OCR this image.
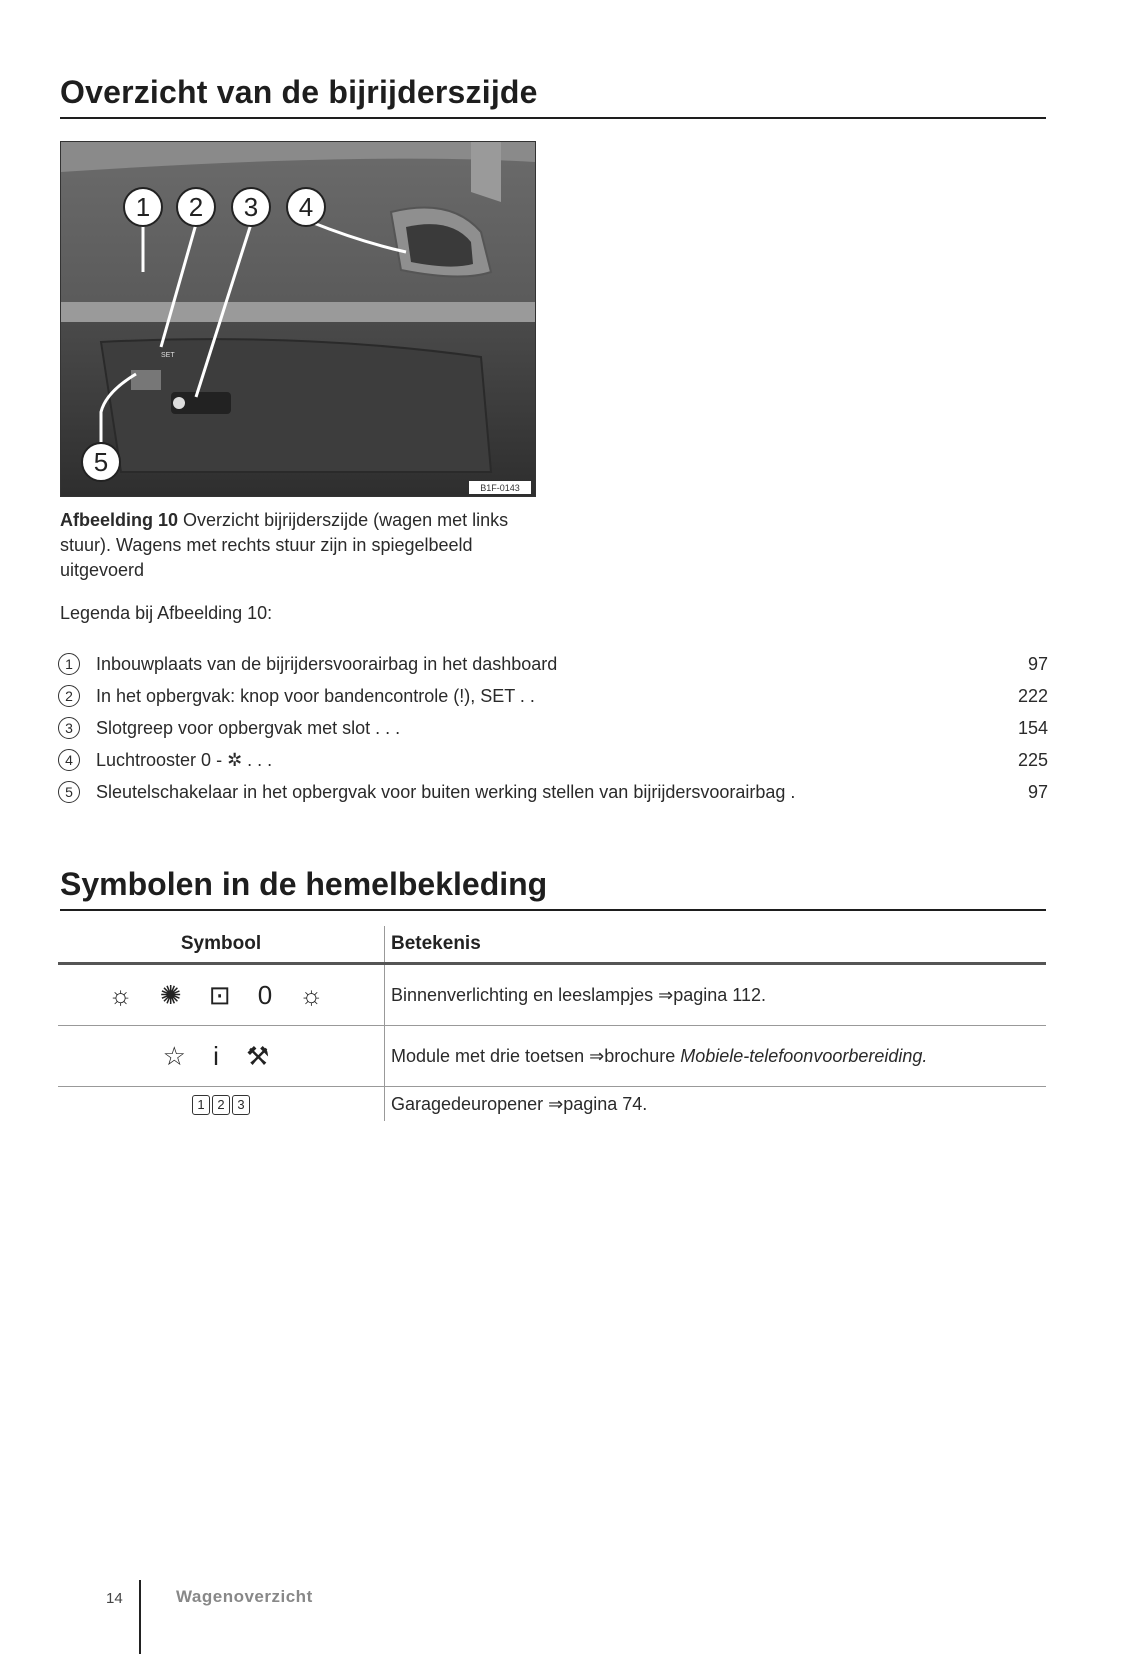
Overzicht van de bijrijderszijde
1 2 3 4
5
SET
B1F-0143
Afbeelding 10 Overzicht bijrijderszijde (wagen met links stuur). Wagens met rechts stuur zijn in spiegelbeeld uitgevoerd
Legenda bij Afbeelding 10:
1	Inbouwplaats van de bijrijdersvoorairbag in het dashboard	97
2	In het opbergvak: knop voor bandencontrole (!), SET . .	222
3	Slotgreep voor opbergvak met slot . . .	154
4	Luchtrooster 0 - ✲ . . .	225
5	Sleutelschakelaar in het opbergvak voor buiten werking stellen van bijrijdersvoorairbag .	97
Symbolen in de hemelbekleding
Symbool	Betekenis
☼ ✺ ⊡ 0 ☼	Binnenverlichting en leeslampjes ⇒pagina 112.
☆ i ⚒	Module met drie toetsen ⇒brochure Mobiele-telefoonvoorbereiding.
1 2 3	Garagedeuropener ⇒pagina 74.
14	Wagenoverzicht
